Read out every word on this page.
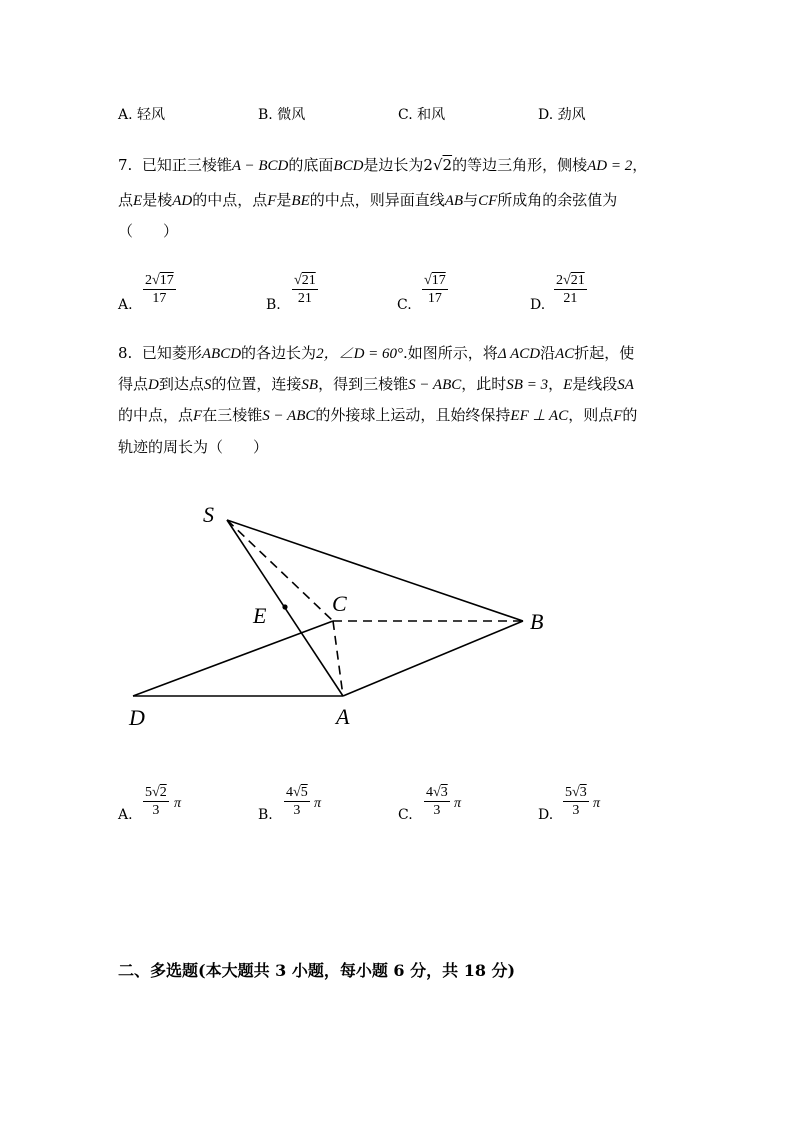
A. 轻风	B. 微风	C. 和风	D. 劲风
7. 已知正三棱锥A − BCD的底面BCD是边长为2√2的等边三角形，侧棱AD = 2，
点E是棱AD的中点，点F是BE的中点，则异面直线AB与CF所成角的余弦值为
（　　）
A. $\frac{2√17}{17}$	B. $\frac{√21}{21}$	C. $\frac{√17}{17}$	D. $\frac{2√21}{21}$
8. 已知菱形ABCD的各边长为2，∠D = 60°.如图所示，将Δ ACD沿AC折起，使
得点D到达点S的位置，连接SB，得到三棱锥S − ABC，此时SB = 3，E是线段SA
的中点，点F在三棱锥S − ABC的外接球上运动，且始终保持EF ⊥ AC，则点F的
轨迹的周长为（　　）
S
E	C
B
D	A
A. $\frac{5√2}{3}$ π
B. $\frac{4√5}{3}$ π
C. $\frac{4√3}{3}$ π
D. $\frac{5√3}{3}$ π
二、多选题(本大题共 3 小题，每小题 6 分，共 18 分)
